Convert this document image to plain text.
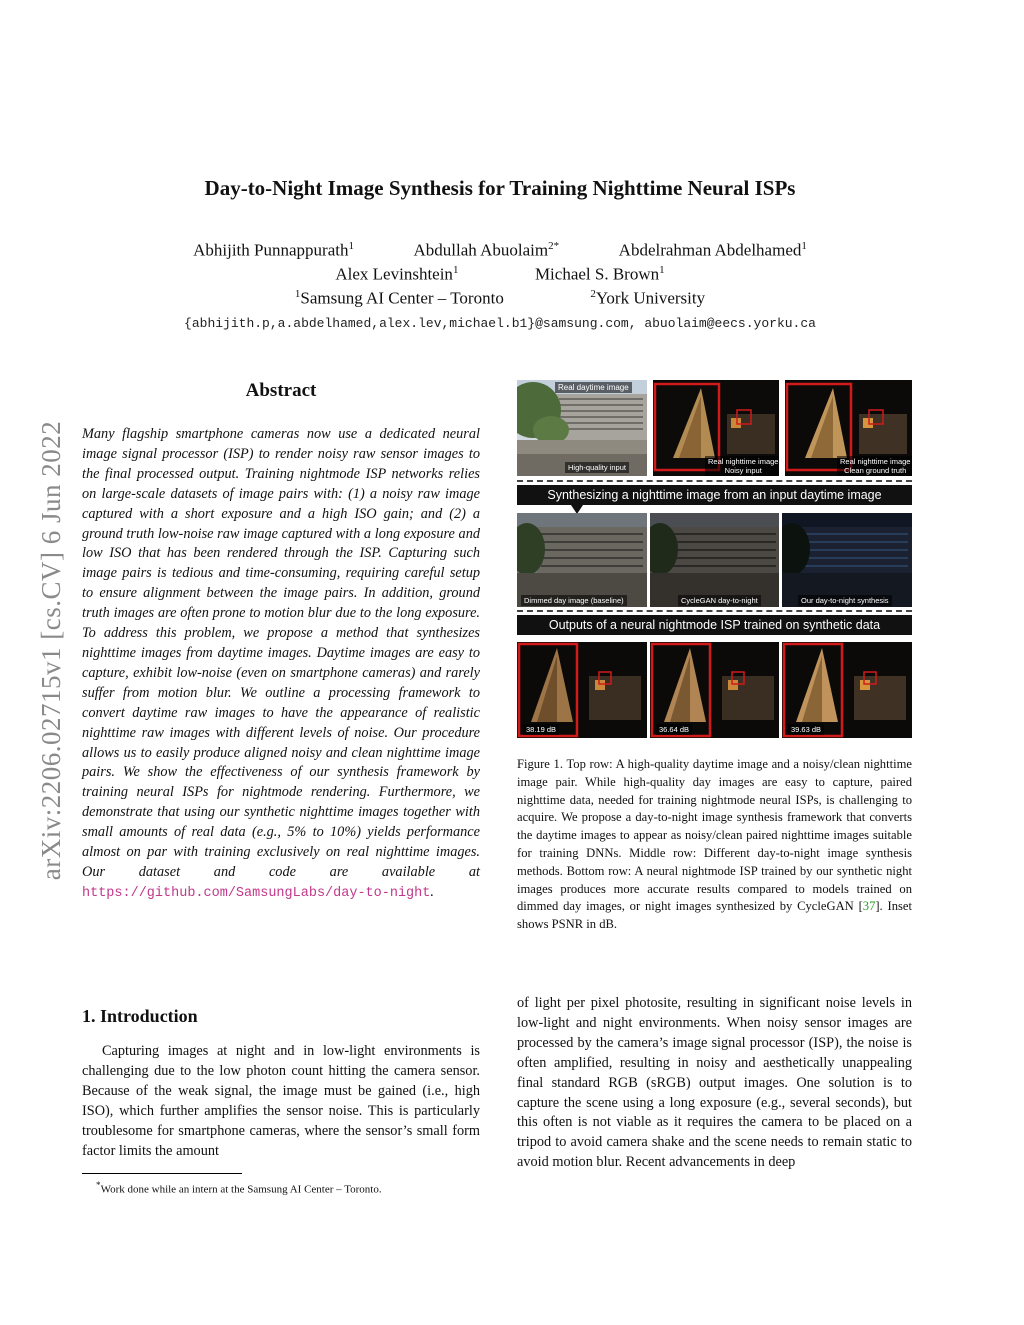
arXiv:2206.02715v1 [cs.CV] 6 Jun 2022
Day-to-Night Image Synthesis for Training Nighttime Neural ISPs
Abhijith Punnappurath$^1$	Abdullah Abuolaim$^{2*}$	Abdelrahman Abdelhamed$^1$
Alex Levinshtein$^1$	Michael S. Brown$^1$
$^1$Samsung AI Center – Toronto	$^2$York University
{abhijith.p,a.abdelhamed,alex.lev,michael.b1}@samsung.com, abuolaim@eecs.yorku.ca
Abstract
Many flagship smartphone cameras now use a dedicated neural image signal processor (ISP) to render noisy raw sensor images to the final processed output. Training nightmode ISP networks relies on large-scale datasets of image pairs with: (1) a noisy raw image captured with a short exposure and a high ISO gain; and (2) a ground truth low-noise raw image captured with a long exposure and low ISO that has been rendered through the ISP. Capturing such image pairs is tedious and time-consuming, requiring careful setup to ensure alignment between the image pairs. In addition, ground truth images are often prone to motion blur due to the long exposure. To address this problem, we propose a method that synthesizes nighttime images from daytime images. Daytime images are easy to capture, exhibit low-noise (even on smartphone cameras) and rarely suffer from motion blur. We outline a processing framework to convert daytime raw images to have the appearance of realistic nighttime raw images with different levels of noise. Our procedure allows us to easily produce aligned noisy and clean nighttime image pairs. We show the effectiveness of our synthesis framework by training neural ISPs for nightmode rendering. Furthermore, we demonstrate that using our synthetic nighttime images together with small amounts of real data (e.g., 5% to 10%) yields performance almost on par with training exclusively on real nighttime images. Our dataset and code are available at https://github.com/SamsungLabs/day-to-night.
1. Introduction
Capturing images at night and in low-light environments is challenging due to the low photon count hitting the camera sensor. Because of the weak signal, the image must be gained (i.e., high ISO), which further amplifies the sensor noise. This is particularly troublesome for smartphone cameras, where the sensor’s small form factor limits the amount
of light per pixel photosite, resulting in significant noise levels in low-light and night environments. When noisy sensor images are processed by the camera’s image signal processor (ISP), the noise is often amplified, resulting in noisy and aesthetically unappealing final standard RGB (sRGB) output images. One solution is to capture the scene using a long exposure (e.g., several seconds), but this often is not viable as it requires the camera to be placed on a tripod to avoid camera shake and the scene needs to remain static to avoid motion blur. Recent advancements in deep
*Work done while an intern at the Samsung AI Center – Toronto.
Real daytime image
High-quality input
Real nighttime image
Noisy input
Real nighttime image
Clean ground truth
Synthesizing a nighttime image from an input daytime image
Dimmed day image (baseline)	CycleGAN day-to-night	Our day-to-night synthesis
Outputs of a neural nightmode ISP trained on synthetic data
38.19 dB	36.64 dB	39.63 dB
Figure 1. Top row: A high-quality daytime image and a noisy/clean nighttime image pair. While high-quality day images are easy to capture, paired nighttime data, needed for training nightmode neural ISPs, is challenging to acquire. We propose a day-to-night image synthesis framework that converts the daytime images to appear as noisy/clean paired nighttime images suitable for training DNNs. Middle row: Different day-to-night image synthesis methods. Bottom row: A neural nightmode ISP trained by our synthetic night images produces more accurate results compared to models trained on dimmed day images, or night images synthesized by CycleGAN [37]. Inset shows PSNR in dB.
